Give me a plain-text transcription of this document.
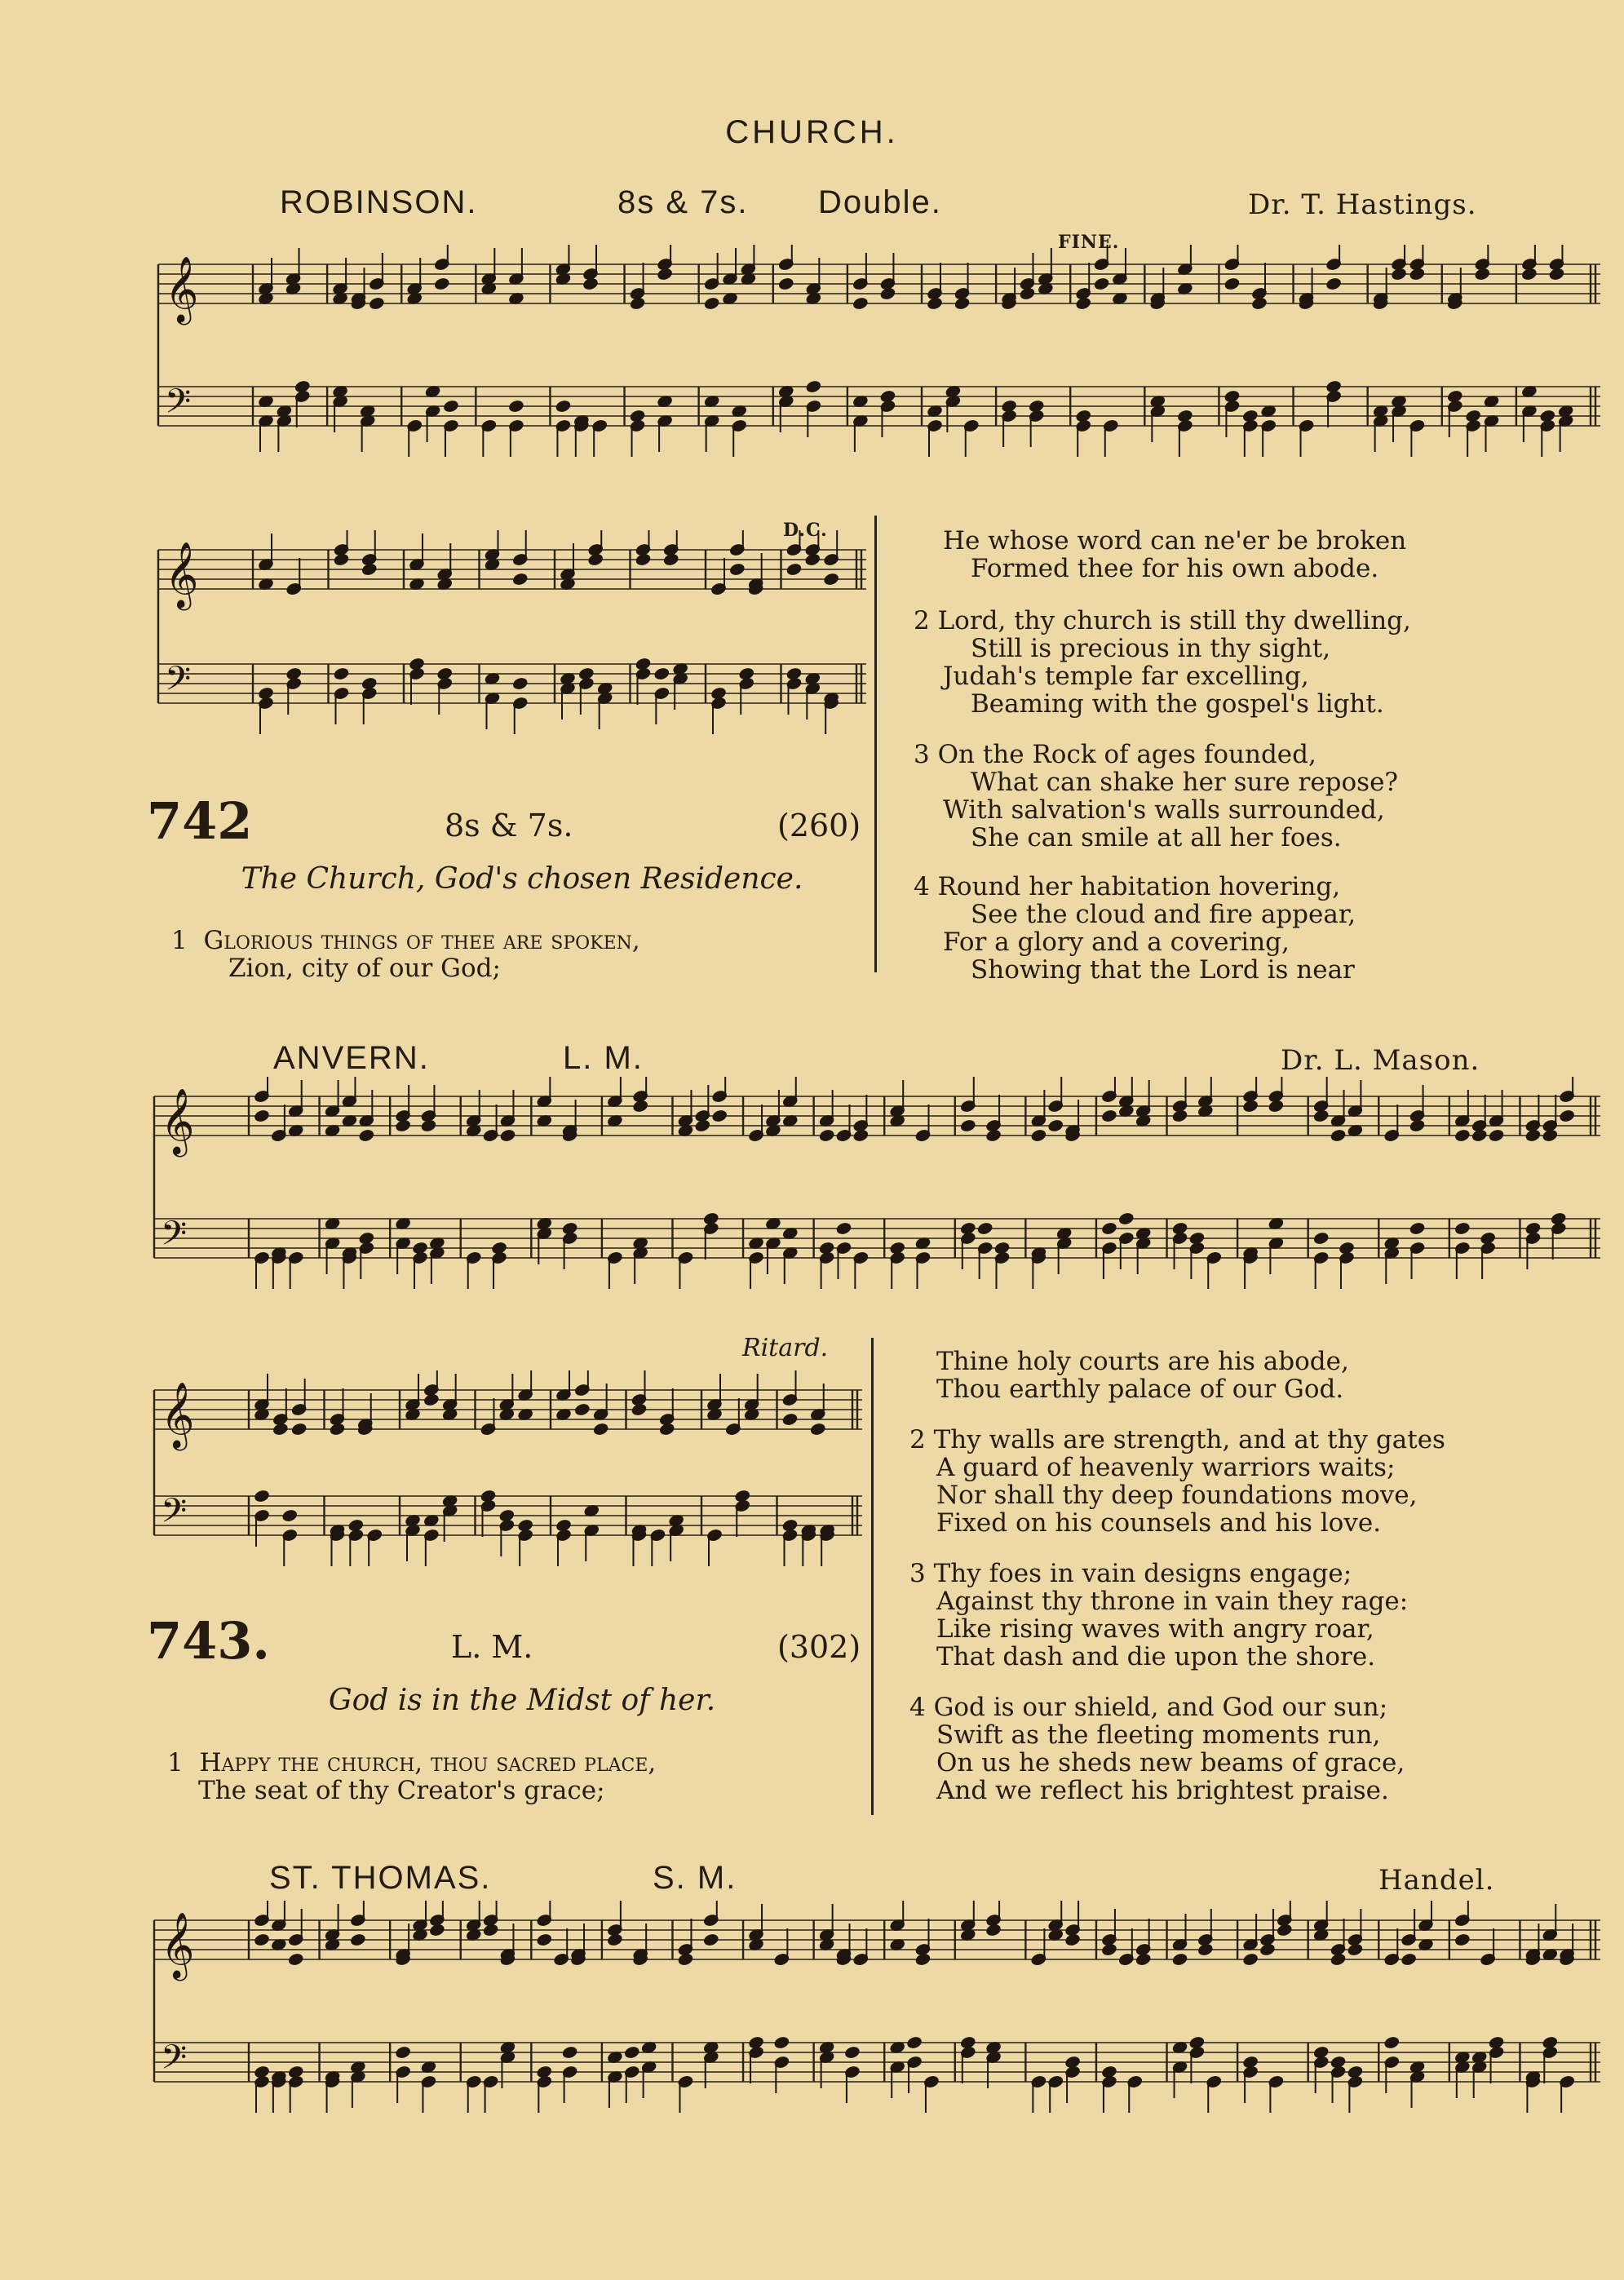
CHURCH.
ROBINSON.	8s & 7s. Double.	Dr. T. Hastings.
FINE.
𝄞
𝄢
𝄞
𝄢
D.C.
742	8s & 7s.	(260)
The Church, God's chosen Residence.
1 Glorious things of thee are spoken,
Zion, city of our God;
He whose word can ne'er be broken
Formed thee for his own abode.
2 Lord, thy church is still thy dwelling,
Still is precious in thy sight,
Judah's temple far excelling,
Beaming with the gospel's light.
3 On the Rock of ages founded,
What can shake her sure repose?
With salvation's walls surrounded,
She can smile at all her foes.
4 Round her habitation hovering,
See the cloud and fire appear,
For a glory and a covering,
Showing that the Lord is near
ANVERN.	L. M.	Dr. L. Mason.
𝄞
𝄢
Ritard.
𝄞
𝄢
743.	L. M.	(302)
God is in the Midst of her.
1 Happy the church, thou sacred place,
The seat of thy Creator's grace;
Thine holy courts are his abode,
Thou earthly palace of our God.
2 Thy walls are strength, and at thy gates
A guard of heavenly warriors waits;
Nor shall thy deep foundations move,
Fixed on his counsels and his love.
3 Thy foes in vain designs engage;
Against thy throne in vain they rage:
Like rising waves with angry roar,
That dash and die upon the shore.
4 God is our shield, and God our sun;
Swift as the fleeting moments run,
On us he sheds new beams of grace,
And we reflect his brightest praise.
ST. THOMAS.	S. M.	Handel.
𝄞
𝄢
